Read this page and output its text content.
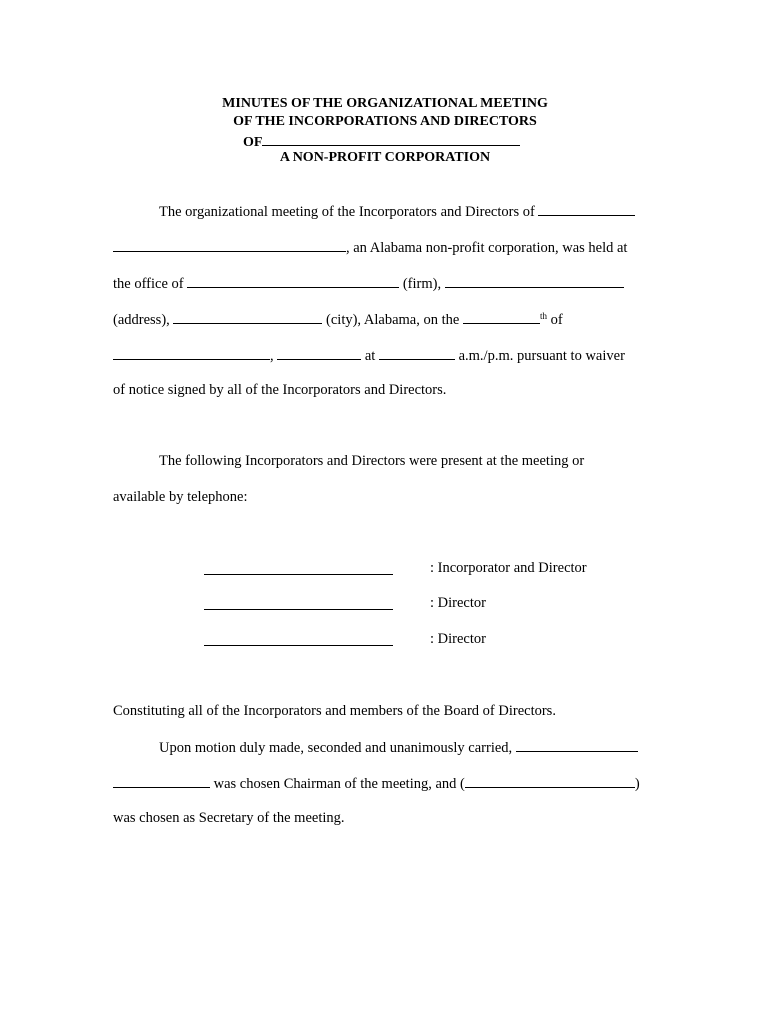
MINUTES OF THE ORGANIZATIONAL MEETING
OF THE INCORPORATIONS AND DIRECTORS
OF
A NON-PROFIT CORPORATION
The organizational meeting of the Incorporators and Directors of
, an Alabama non-profit corporation, was held at
the office of	(firm),
(address),	(city), Alabama, on the	$^{th}$ of
,	at	a.m./p.m. pursuant to waiver
of notice signed by all of the Incorporators and Directors.
The following Incorporators and Directors were present at the meeting or
available by telephone:
: Incorporator and Director
: Director
: Director
Constituting all of the Incorporators and members of the Board of Directors.
Upon motion duly made, seconded and unanimously carried,
was chosen Chairman of the meeting, and (	)
was chosen as Secretary of the meeting.
